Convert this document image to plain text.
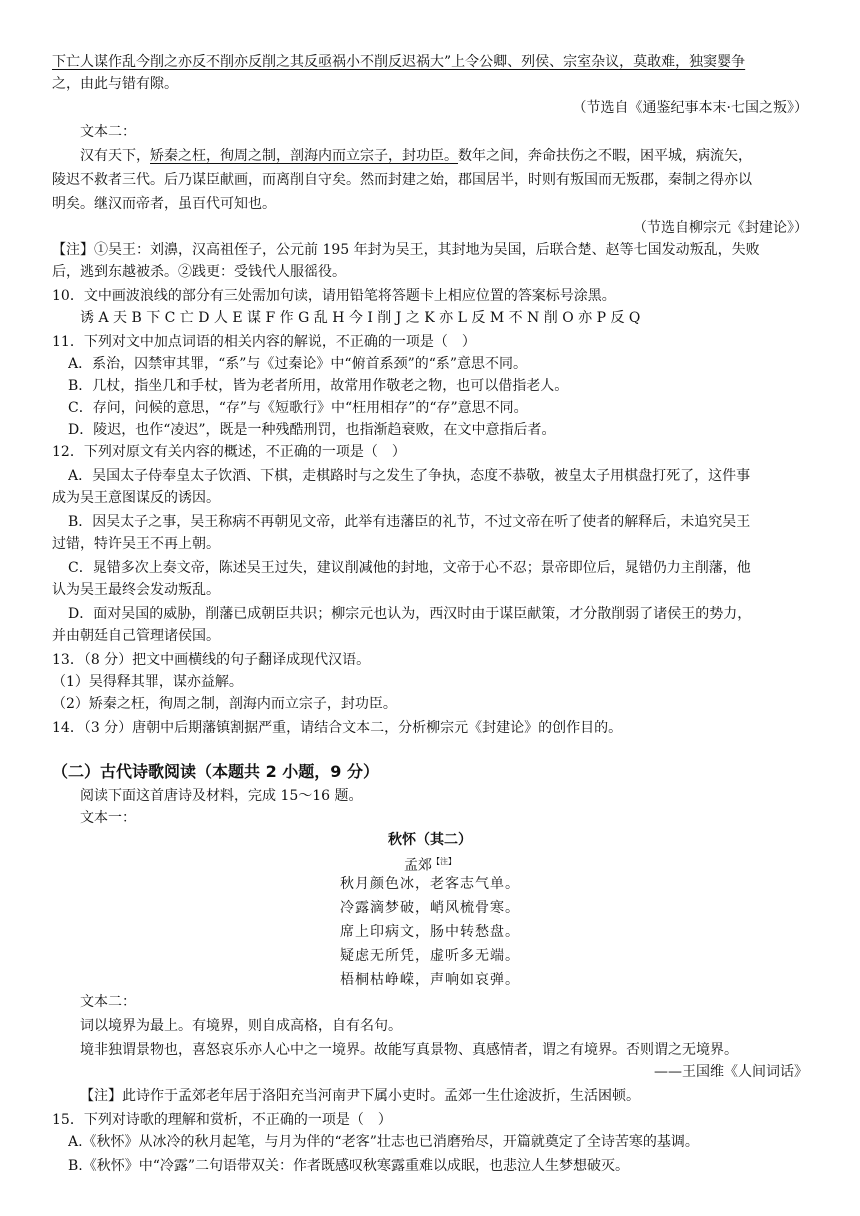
下亡人谋作乱今削之亦反不削亦反削之其反亟祸小不削反迟祸大”上令公卿、列侯、宗室杂议，莫敢难，独窦婴争
之，由此与错有隙。
（节选自《通鉴纪事本末·七国之叛》）
文本二：
汉有天下，矫秦之枉，徇周之制，剖海内而立宗子，封功臣。数年之间，奔命扶伤之不暇，困平城，病流矢，
陵迟不救者三代。后乃谋臣献画，而离削自守矣。然而封建之始，郡国居半，时则有叛国而无叛郡，秦制之得亦以
明矣。继汉而帝者，虽百代可知也。
（节选自柳宗元《封建论》）
【注】①吴王：刘濞，汉高祖侄子，公元前 195 年封为吴王，其封地为吴国，后联合楚、赵等七国发动叛乱，失败
后，逃到东越被杀。②践更：受钱代人服徭役。
10．文中画波浪线的部分有三处需加句读，请用铅笔将答题卡上相应位置的答案标号涂黑。
诱 A 天 B 下 C 亡 D 人 E 谋 F 作 G 乱 H 今 I 削 J 之 K 亦 L 反 M 不 N 削 O 亦 P 反 Q
11．下列对文中加点词语的相关内容的解说，不正确的一项是（　）
A．系治，囚禁审其罪，“系”与《过秦论》中“俯首系颈”的“系”意思不同。
B．几杖，指坐几和手杖，皆为老者所用，故常用作敬老之物，也可以借指老人。
C．存问，问候的意思，“存”与《短歌行》中“枉用相存”的“存”意思不同。
D．陵迟，也作“凌迟”，既是一种残酷刑罚，也指渐趋衰败，在文中意指后者。
12．下列对原文有关内容的概述，不正确的一项是（　）
A．吴国太子侍奉皇太子饮酒、下棋，走棋路时与之发生了争执，态度不恭敬，被皇太子用棋盘打死了，这件事
成为吴王意图谋反的诱因。
B．因吴太子之事，吴王称病不再朝见文帝，此举有违藩臣的礼节，不过文帝在听了使者的解释后，未追究吴王
过错，特许吴王不再上朝。
C．晁错多次上奏文帝，陈述吴王过失，建议削减他的封地，文帝于心不忍；景帝即位后，晁错仍力主削藩，他
认为吴王最终会发动叛乱。
D．面对吴国的威胁，削藩已成朝臣共识；柳宗元也认为，西汉时由于谋臣献策，才分散削弱了诸侯王的势力，
并由朝廷自己管理诸侯国。
13．（8 分）把文中画横线的句子翻译成现代汉语。
（1）吴得释其罪，谋亦益解。
（2）矫秦之枉，徇周之制，剖海内而立宗子，封功臣。
14．（3 分）唐朝中后期藩镇割据严重，请结合文本二，分析柳宗元《封建论》的创作目的。
（二）古代诗歌阅读（本题共 2 小题，9 分）
阅读下面这首唐诗及材料，完成 15～16 题。
文本一：
秋怀（其二）
孟郊$^{【注】}$
秋月颜色冰，老客志气单。
冷露滴梦破，峭风梳骨寒。
席上印病文，肠中转愁盘。
疑虑无所凭，虚听多无端。
梧桐枯峥嵘，声响如哀弹。
文本二：
词以境界为最上。有境界，则自成高格，自有名句。
境非独谓景物也，喜怒哀乐亦人心中之一境界。故能写真景物、真感情者，谓之有境界。否则谓之无境界。
——王国维《人间词话》
【注】此诗作于孟郊老年居于洛阳充当河南尹下属小吏时。孟郊一生仕途波折，生活困顿。
15．下列对诗歌的理解和赏析，不正确的一项是（　）
A.《秋怀》从冰冷的秋月起笔，与月为伴的“老客”壮志也已消磨殆尽，开篇就奠定了全诗苦寒的基调。
B.《秋怀》中“冷露”二句语带双关：作者既感叹秋寒露重难以成眠，也悲泣人生梦想破灭。
